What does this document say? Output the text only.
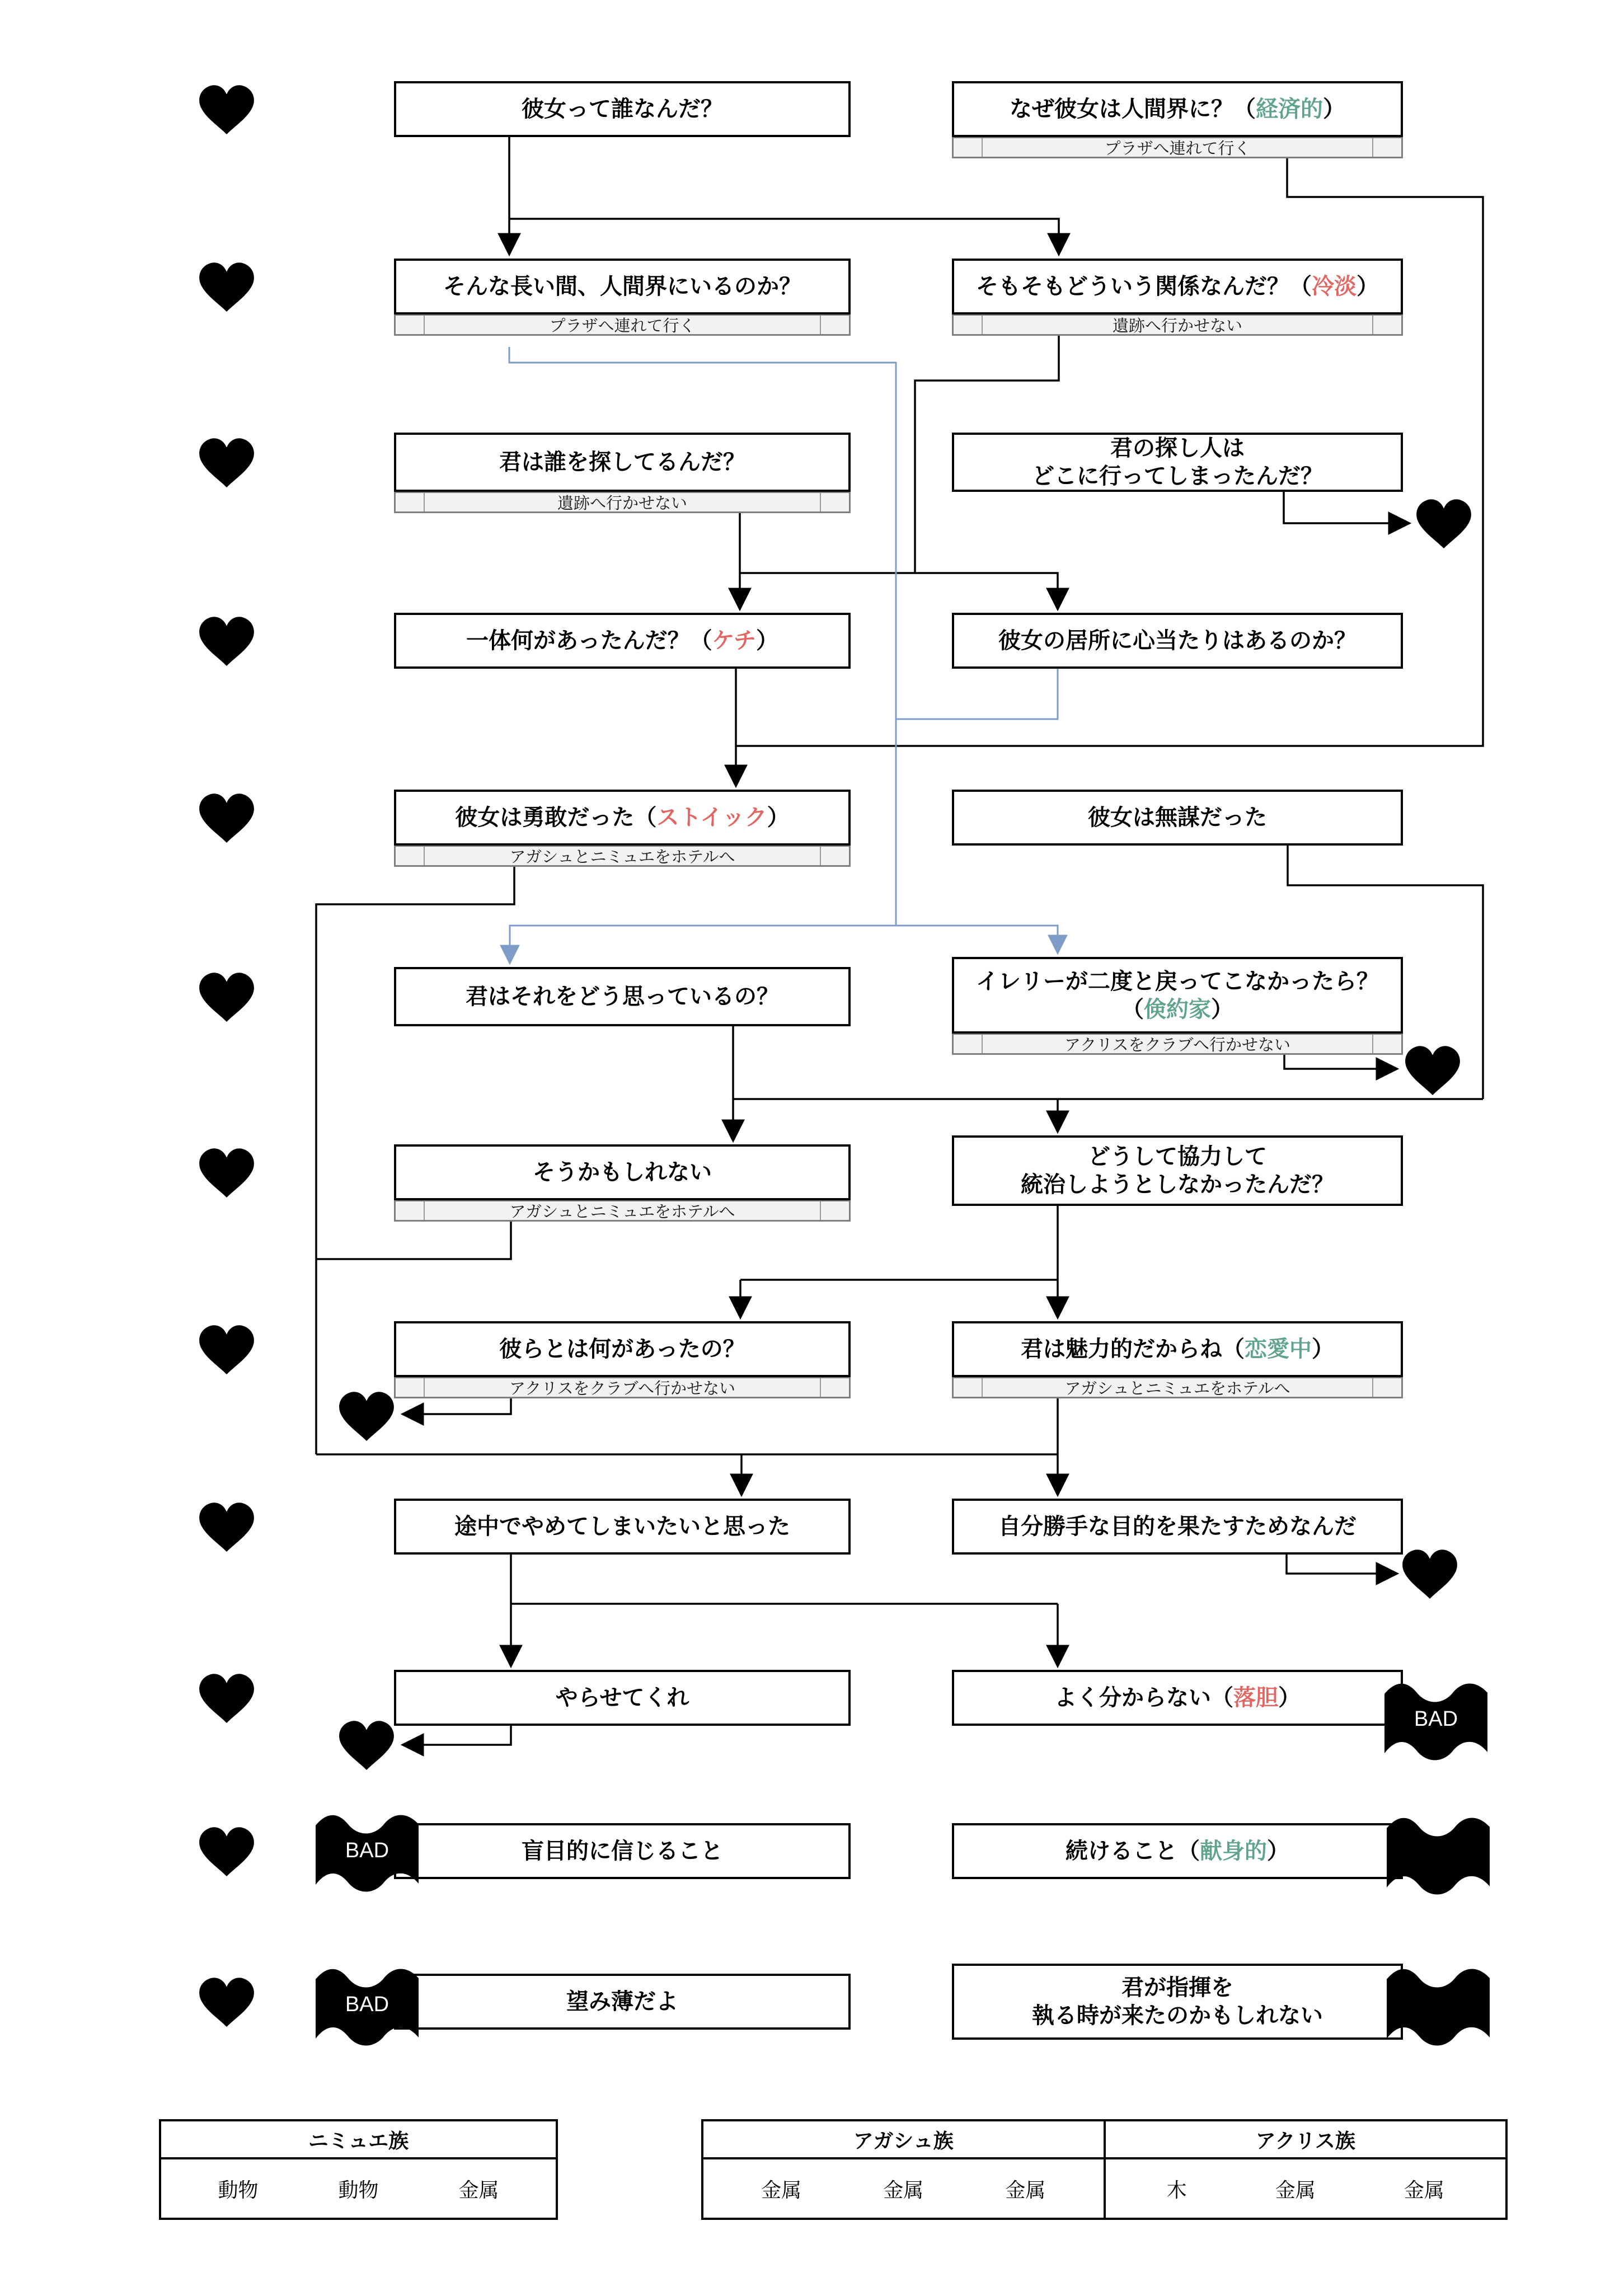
彼女って誰なんだ？	なぜ彼女は人間界に？（経済的）
プラザへ連れて行く
そんな長い間、人間界にいるのか？
プラザへ連れて行く
そもそもどういう関係なんだ？（冷淡）
遺跡へ行かせない
君は誰を探してるんだ？
遺跡へ行かせない
君の探し人は
どこに行ってしまったんだ？
一体何があったんだ？（ケチ）	彼女の居所に心当たりはあるのか？
彼女は勇敢だった（ストイック）
アガシュとニミュエをホテルへ
彼女は無謀だった
君はそれをどう思っているの？
イレリーが二度と戻ってこなかったら？
（倹約家）
アクリスをクラブへ行かせない
そうかもしれない
アガシュとニミュエをホテルへ
どうして協力して
統治しようとしなかったんだ？
彼らとは何があったの？
アクリスをクラブへ行かせない
君は魅力的だからね（恋愛中）
アガシュとニミュエをホテルへ
途中でやめてしまいたいと思った	自分勝手な目的を果たすためなんだ
やらせてくれ	よく分からない（落胆）
盲目的に信じること	続けること（献身的）
望み薄だよ
君が指揮を
執る時が来たのかもしれない
I
II
III
I
II
III
IV
V
I
II
III
IV
II
III
III
III
IV
BAD
BAD	Merry
BAD	Merry
ニミュエ族
動物	動物	金属
アガシュ族
金属	金属	金属
アクリス族
木	金属	金属
